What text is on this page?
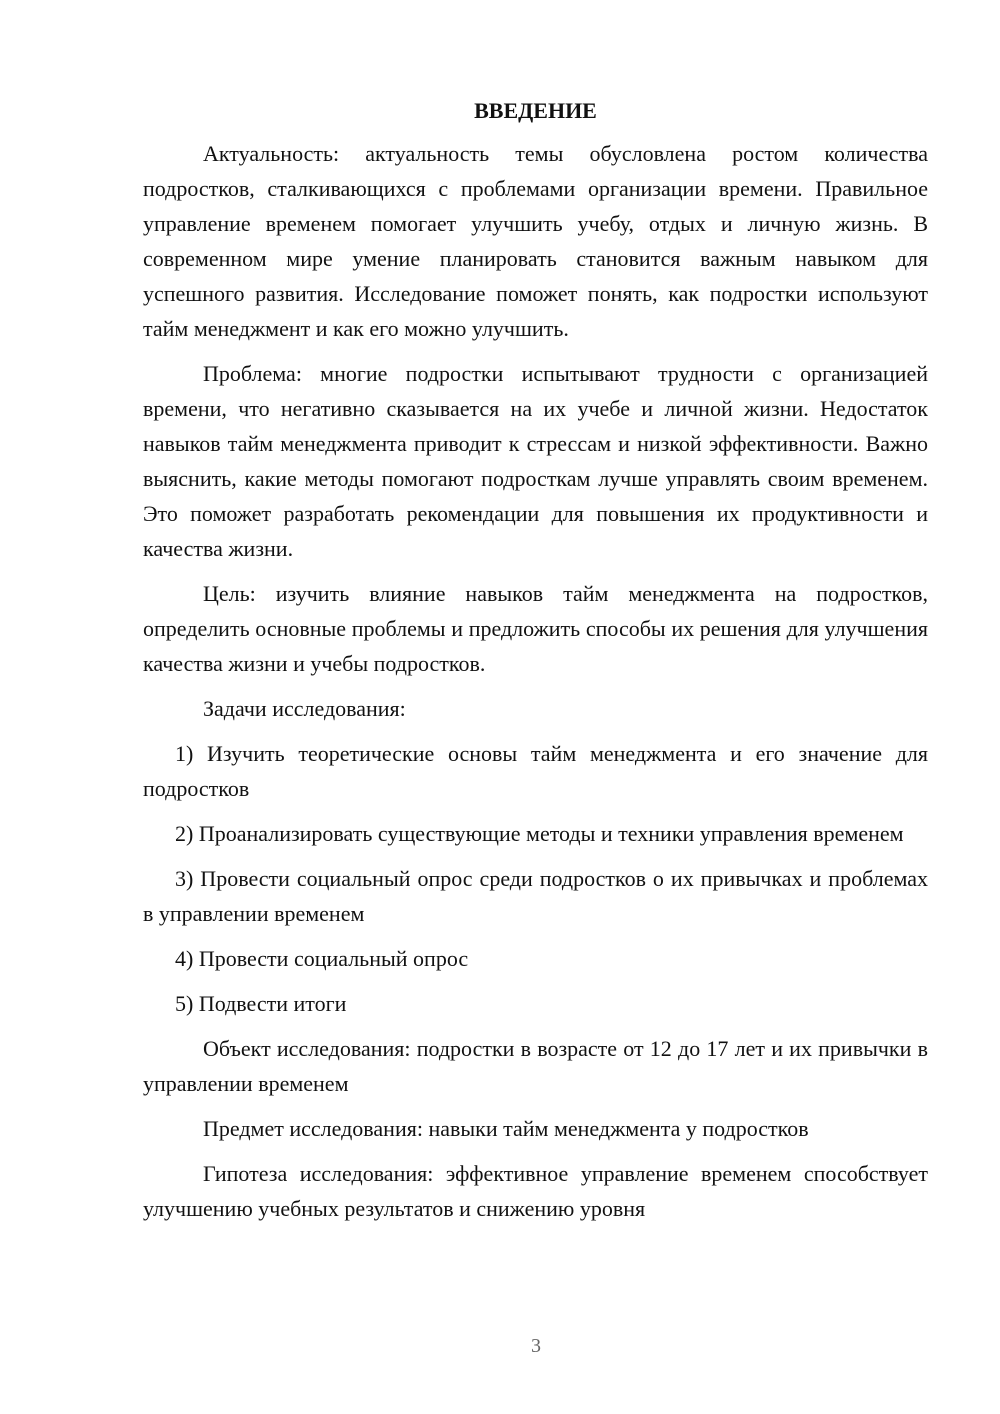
ВВЕДЕНИЕ

Актуальность: актуальность темы обусловлена ростом количества подростков, сталкивающихся с проблемами организации времени. Правильное управление временем помогает улучшить учебу, отдых и личную жизнь. В современном мире умение планировать становится важным навыком для успешного развития. Исследование поможет понять, как подростки используют тайм менеджмент и как его можно улучшить.

Проблема: многие подростки испытывают трудности с организацией времени, что негативно сказывается на их учебе и личной жизни. Недостаток навыков тайм менеджмента приводит к стрессам и низкой эффективности. Важно выяснить, какие методы помогают подросткам лучше управлять своим временем. Это поможет разработать рекомендации для повышения их продуктивности и качества жизни.

Цель: изучить влияние навыков тайм менеджмента на подростков, определить основные проблемы и предложить способы их решения для улучшения качества жизни и учебы подростков.

Задачи исследования:

1) Изучить теоретические основы тайм менеджмента и его значение для подростков

2) Проанализировать существующие методы и техники управления временем

3) Провести социальный опрос среди подростков о их привычках и проблемах в управлении временем

4) Провести социальный опрос

5) Подвести итоги

Объект исследования: подростки в возрасте от 12 до 17 лет и их привычки в управлении временем

Предмет исследования: навыки тайм менеджмента у подростков

Гипотеза исследования: эффективное управление временем способствует улучшению учебных результатов и снижению уровня

3
